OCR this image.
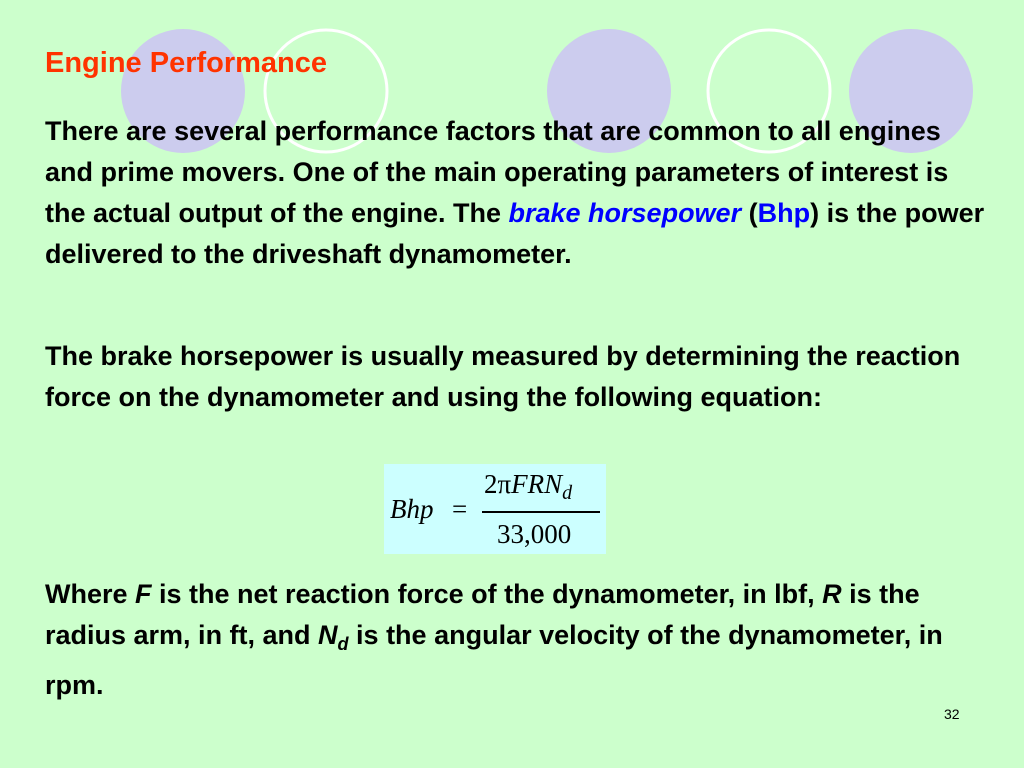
Engine Performance

There are several performance factors that are common to all engines and prime movers. One of the main operating parameters of interest is the actual output of the engine. The brake horsepower (Bhp) is the power delivered to the driveshaft dynamometer.

The brake horsepower is usually measured by determining the reaction force on the dynamometer and using the following equation:

Bhp =
2πFRN$_d$
33,000

Where F is the net reaction force of the dynamometer, in lbf, R is the radius arm, in ft, and $N_d$ is the angular velocity of the dynamometer, in rpm.

32
